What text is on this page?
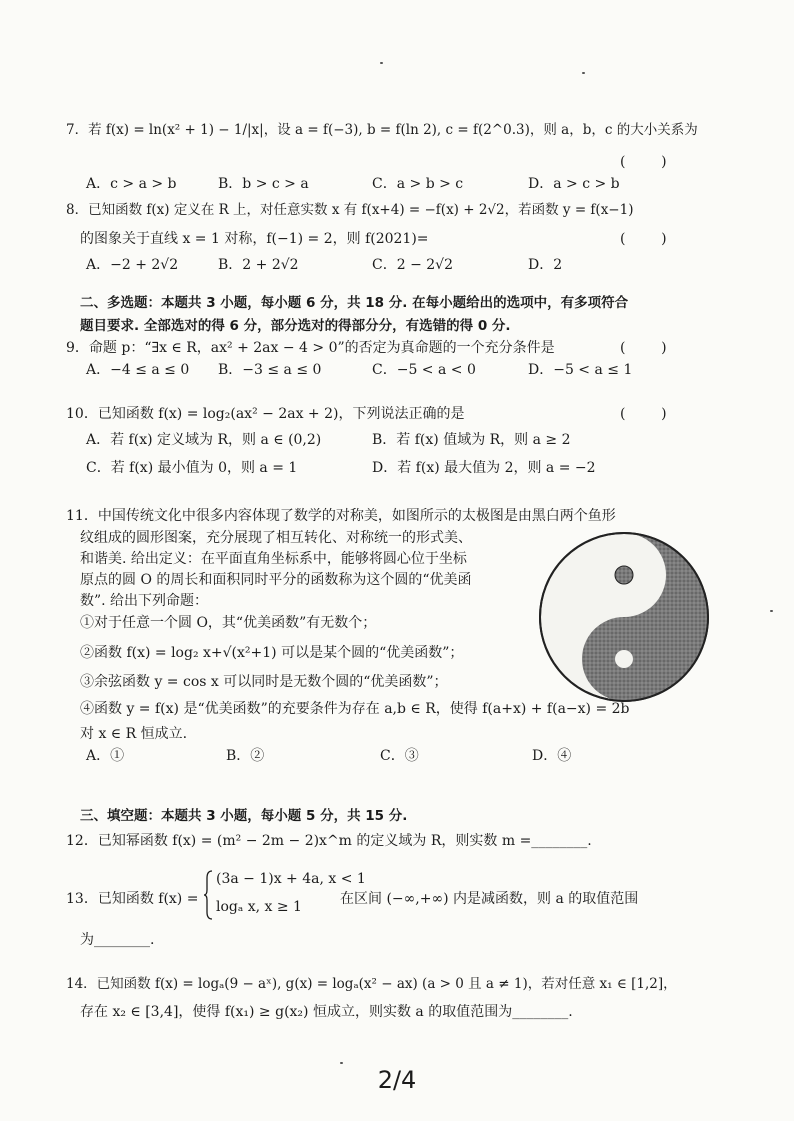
7．若 f(x) = ln(x² + 1) − 1/|x|，设 a = f(−3), b = f(ln 2), c = f(2^0.3)，则 a，b，c 的大小关系为
(        )
A．c > a > b	B．b > c > a	C．a > b > c	D．a > c > b
8．已知函数 f(x) 定义在 R 上，对任意实数 x 有 f(x+4) = −f(x) + 2√2，若函数 y = f(x−1)
的图象关于直线 x = 1 对称，f(−1) = 2，则 f(2021)=	(        )
A．−2 + 2√2	B．2 + 2√2	C．2 − 2√2	D．2
二、多选题：本题共 3 小题，每小题 6 分，共 18 分. 在每小题给出的选项中，有多项符合
题目要求. 全部选对的得 6 分，部分选对的得部分分，有选错的得 0 分.
9．命题 p：“∃x ∈ R，ax² + 2ax − 4 > 0”的否定为真命题的一个充分条件是	(        )
A．−4 ≤ a ≤ 0 B．−3 ≤ a ≤ 0	C．−5 < a < 0	D．−5 < a ≤ 1
10．已知函数 f(x) = log₂(ax² − 2ax + 2)，下列说法正确的是	(        )
A．若 f(x) 定义域为 R，则 a ∈ (0,2)	B．若 f(x) 值域为 R，则 a ≥ 2
C．若 f(x) 最小值为 0，则 a = 1	D．若 f(x) 最大值为 2，则 a = −2
11．中国传统文化中很多内容体现了数学的对称美，如图所示的太极图是由黑白两个鱼形
纹组成的圆形图案，充分展现了相互转化、对称统一的形式美、
和谐美. 给出定义：在平面直角坐标系中，能够将圆心位于坐标
原点的圆 O 的周长和面积同时平分的函数称为这个圆的“优美函
数”. 给出下列命题：
①对于任意一个圆 O，其“优美函数”有无数个；
②函数 f(x) = log₂ x+√(x²+1) 可以是某个圆的“优美函数”；
③余弦函数 y = cos x 可以同时是无数个圆的“优美函数”；
④函数 y = f(x) 是“优美函数”的充要条件为存在 a,b ∈ R，使得 f(a+x) + f(a−x) = 2b
对 x ∈ R 恒成立.
A．①	B．②	C．③	D．④
三、填空题：本题共 3 小题，每小题 5 分，共 15 分.
12．已知幂函数 f(x) = (m² − 2m − 2)x^m 的定义域为 R，则实数 m =________.
13．已知函数 f(x) =
(3a − 1)x + 4a, x < 1
logₐ x, x ≥ 1	在区间 (−∞,+∞) 内是减函数，则 a 的取值范围
为________.
14．已知函数 f(x) = logₐ(9 − aˣ), g(x) = logₐ(x² − ax) (a > 0 且 a ≠ 1)，若对任意 x₁ ∈ [1,2]，
存在 x₂ ∈ [3,4]，使得 f(x₁) ≥ g(x₂) 恒成立，则实数 a 的取值范围为________.
2/4
